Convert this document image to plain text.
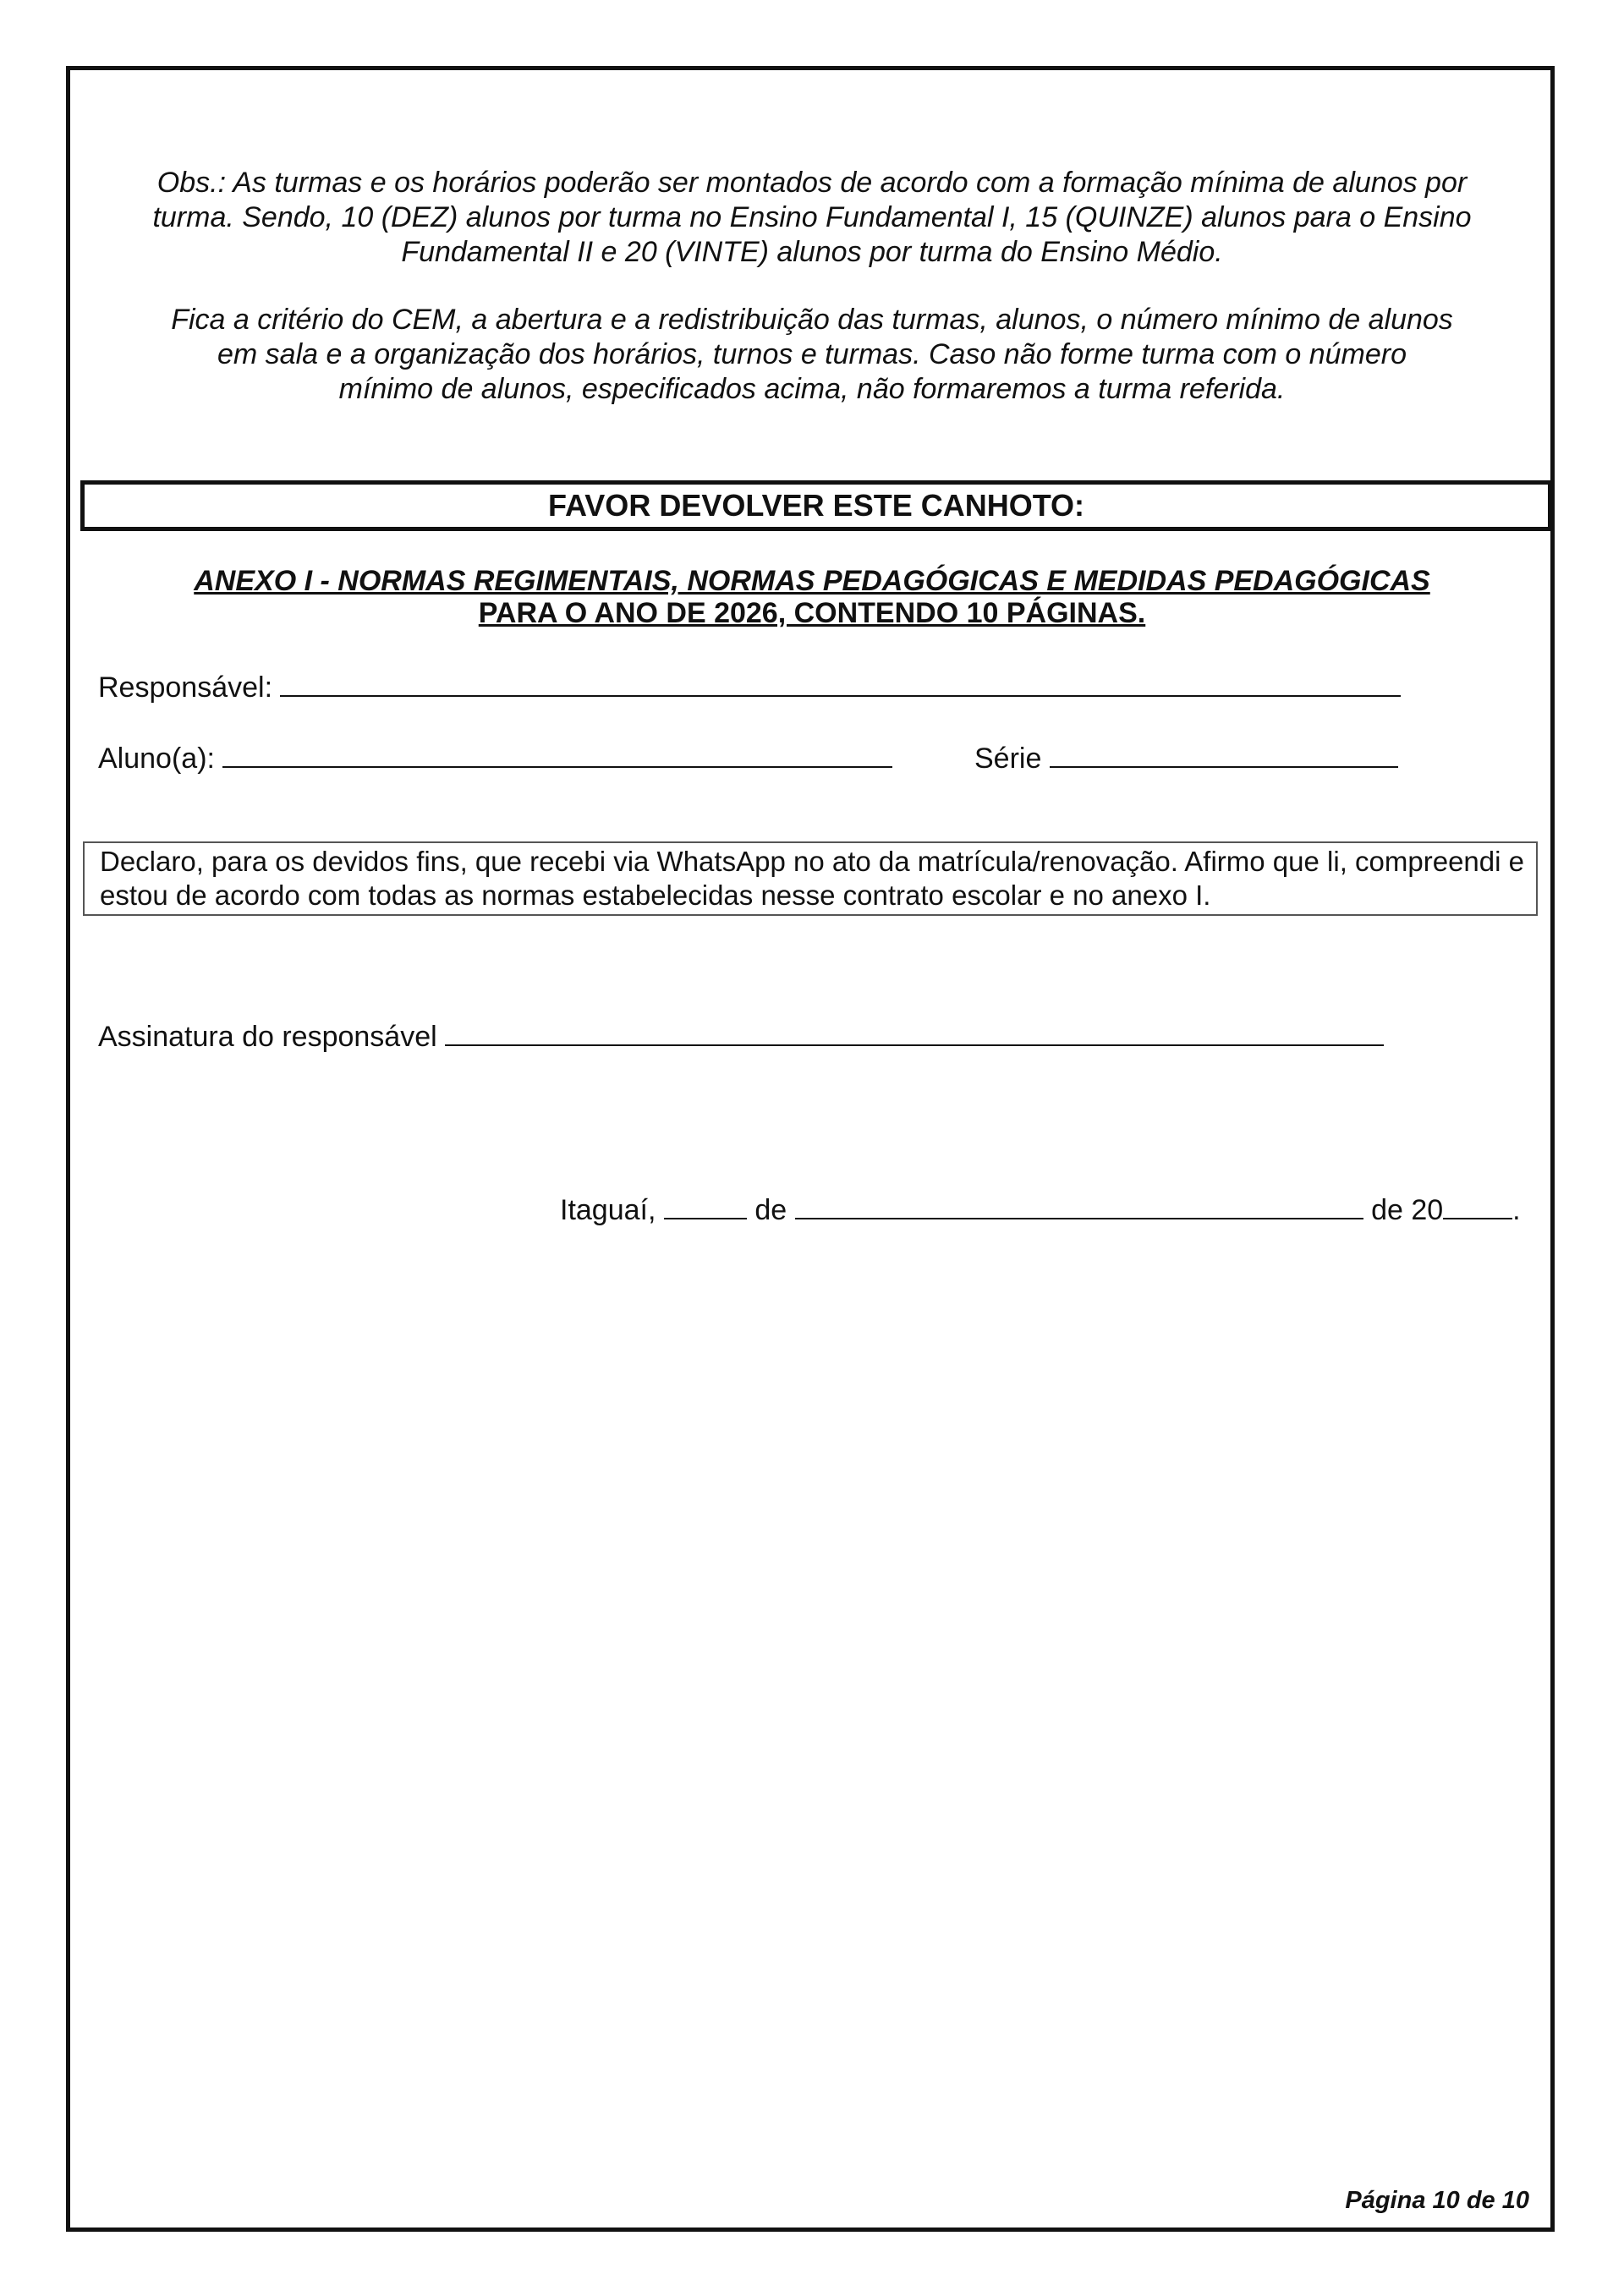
Obs.: As turmas e os horários poderão ser montados de acordo com a formação mínima de alunos por

turma. Sendo, 10 (DEZ) alunos por turma no Ensino Fundamental I, 15 (QUINZE) alunos para o Ensino

Fundamental II e 20 (VINTE) alunos por turma do Ensino Médio.

Fica a critério do CEM, a abertura e a redistribuição das turmas, alunos, o número mínimo de alunos

em sala e a organização dos horários, turnos e turmas. Caso não forme turma com o número

mínimo de alunos, especificados acima, não formaremos a turma referida.

FAVOR DEVOLVER ESTE CANHOTO:
ANEXO I - NORMAS REGIMENTAIS, NORMAS PEDAGÓGICAS E MEDIDAS PEDAGÓGICAS
PARA O ANO DE 2026, CONTENDO 10 PÁGINAS.
Responsável:
Aluno(a):	Série
Declaro, para os devidos fins, que recebi via WhatsApp no ato da matrícula/renovação. Afirmo que li, compreendi e estou de acordo com todas as normas estabelecidas nesse contrato escolar e no anexo I.
Assinatura do responsável
Itaguaí,	de	de 20 .
Página 10 de 10
